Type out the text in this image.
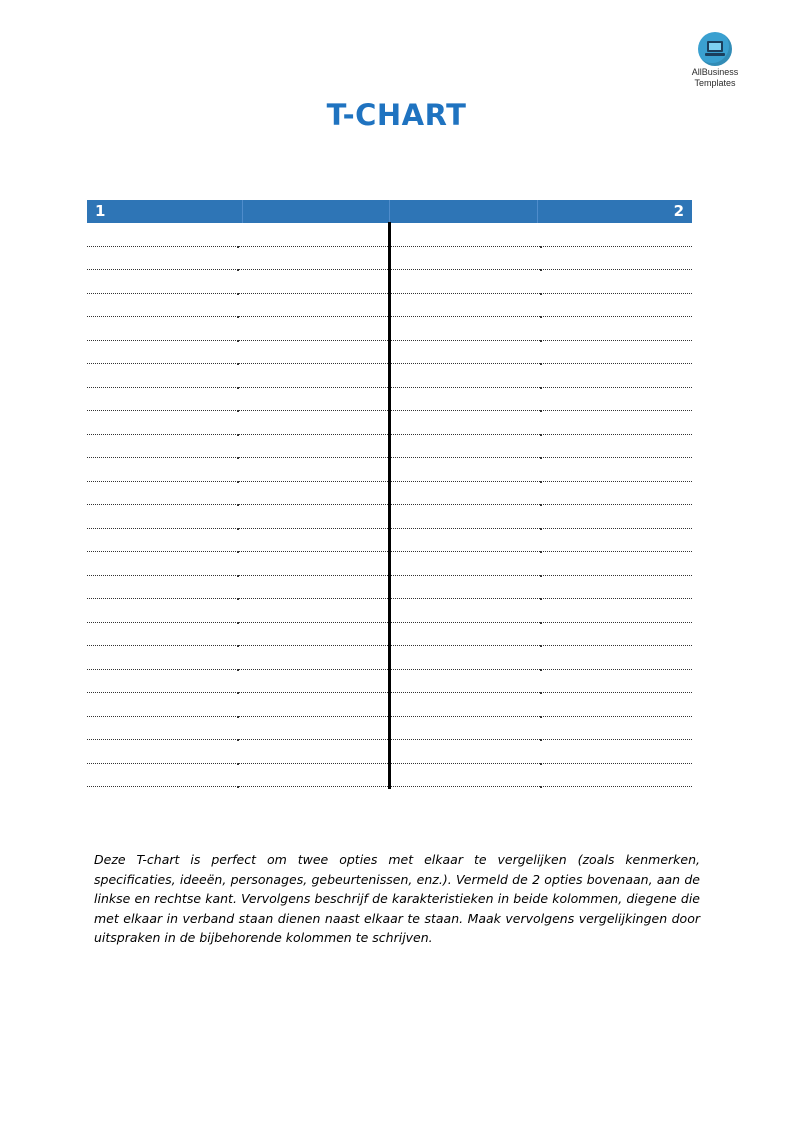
AllBusiness
Templates
T-CHART
1	2
Deze T-chart is perfect om twee opties met elkaar te vergelijken (zoals kenmerken, specificaties, ideeën, personages, gebeurtenissen, enz.). Vermeld de 2 opties bovenaan, aan de linkse en rechtse kant. Vervolgens beschrijf de karakteristieken in beide kolommen, diegene die met elkaar in verband staan dienen naast elkaar te staan. Maak vervolgens vergelijkingen door uitspraken in de bijbehorende kolommen te schrijven.
